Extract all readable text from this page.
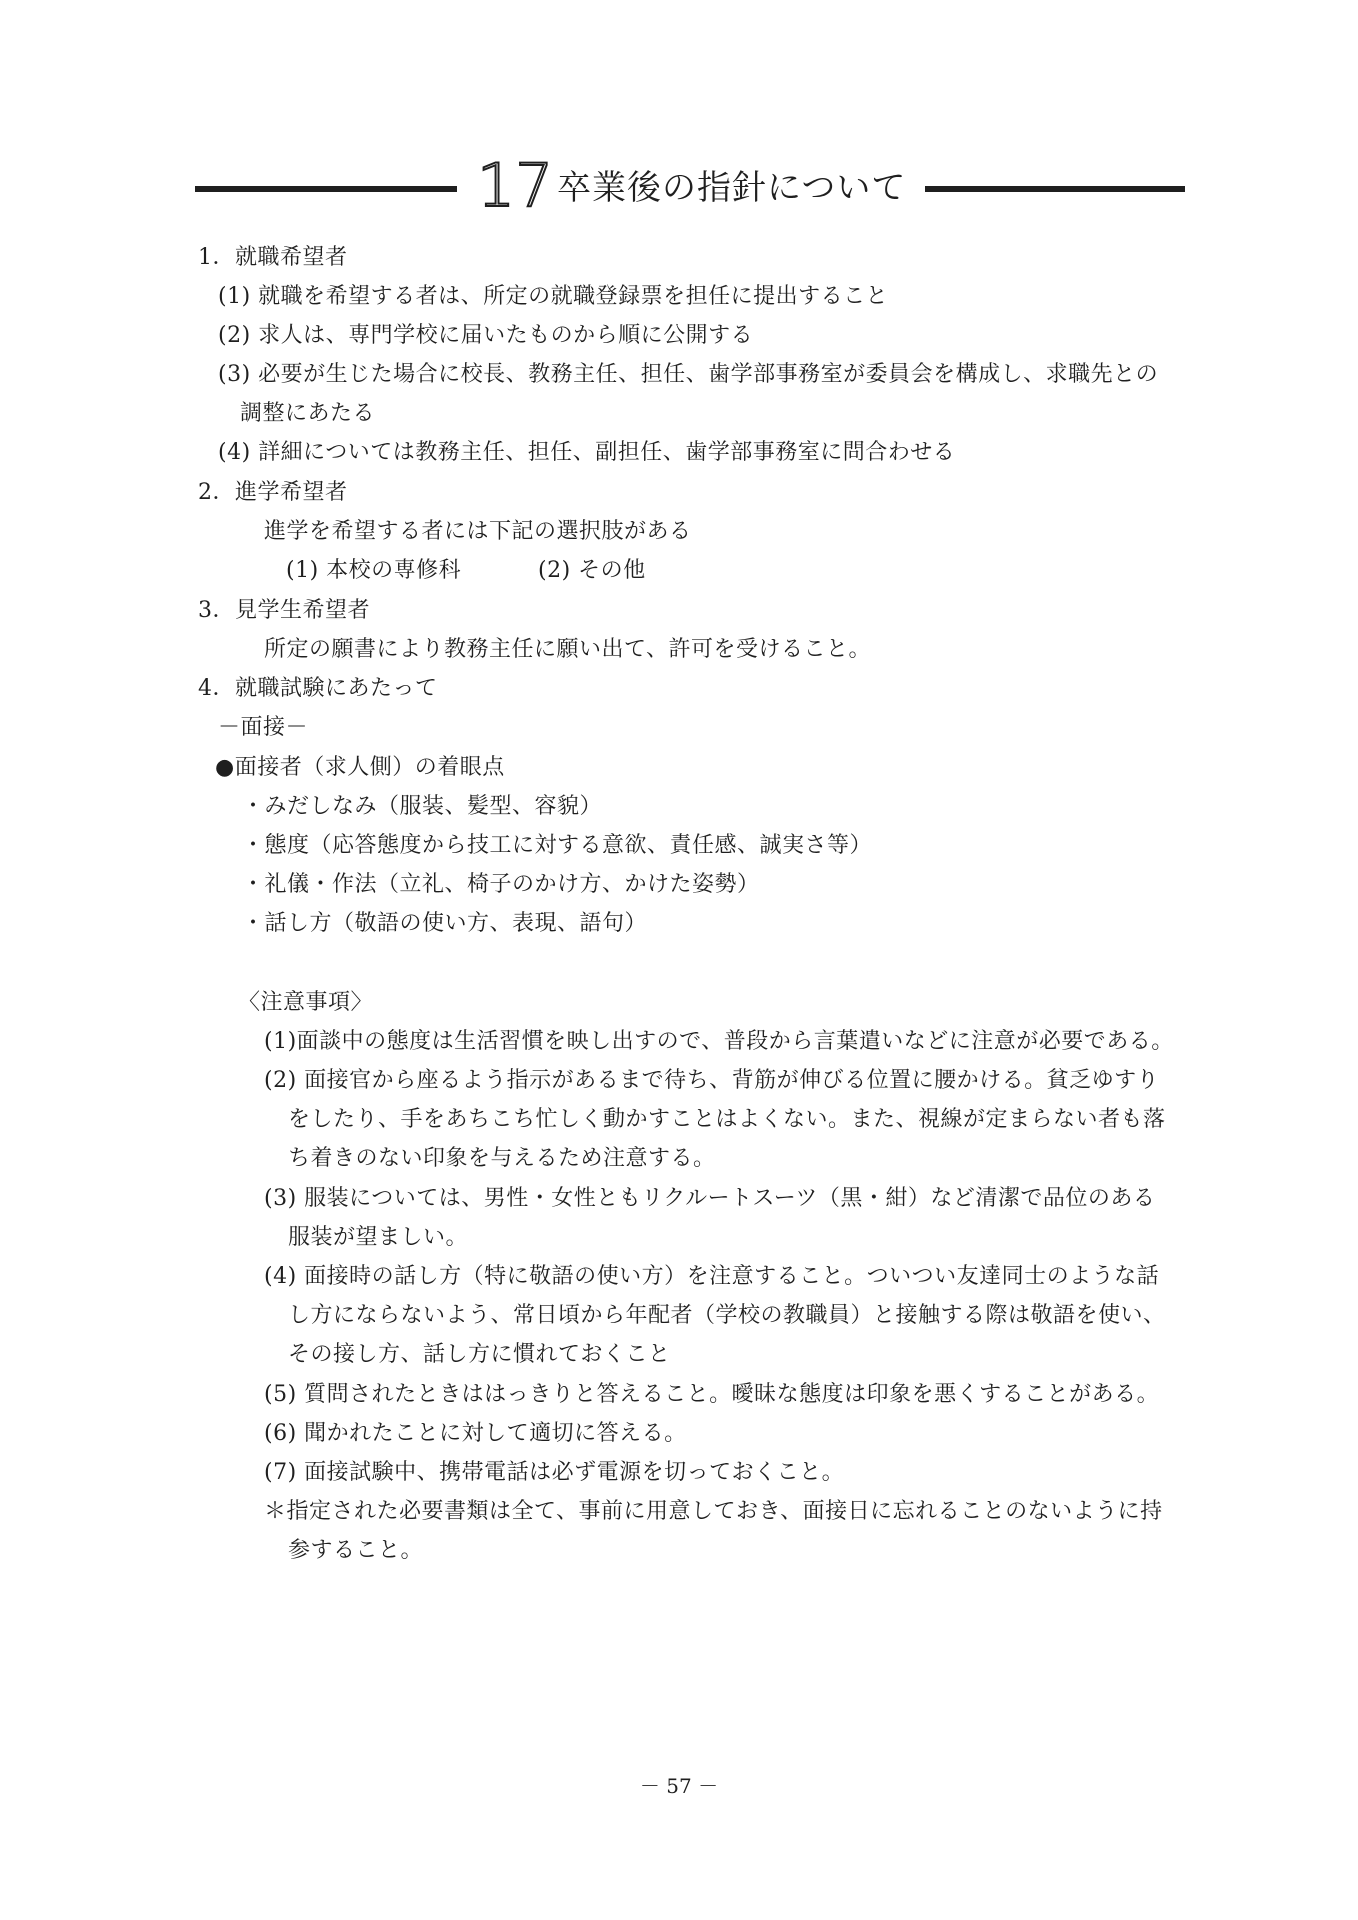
17 卒業後の指針について
1．就職希望者
(1) 就職を希望する者は、所定の就職登録票を担任に提出すること
(2) 求人は、専門学校に届いたものから順に公開する
(3) 必要が生じた場合に校長、教務主任、担任、歯学部事務室が委員会を構成し、求職先との
調整にあたる
(4) 詳細については教務主任、担任、副担任、歯学部事務室に問合わせる
2．進学希望者
進学を希望する者には下記の選択肢がある
(1) 本校の専修科	(2) その他
3．見学生希望者
所定の願書により教務主任に願い出て、許可を受けること。
4．就職試験にあたって
－面接－
●面接者（求人側）の着眼点
・みだしなみ（服装、髪型、容貌）
・態度（応答態度から技工に対する意欲、責任感、誠実さ等）
・礼儀・作法（立礼、椅子のかけ方、かけた姿勢）
・話し方（敬語の使い方、表現、語句）
〈注意事項〉
(1)面談中の態度は生活習慣を映し出すので、普段から言葉遣いなどに注意が必要である。
(2) 面接官から座るよう指示があるまで待ち、背筋が伸びる位置に腰かける。貧乏ゆすり
をしたり、手をあちこち忙しく動かすことはよくない。また、視線が定まらない者も落
ち着きのない印象を与えるため注意する。
(3) 服装については、男性・女性ともリクルートスーツ（黒・紺）など清潔で品位のある
服装が望ましい。
(4) 面接時の話し方（特に敬語の使い方）を注意すること。ついつい友達同士のような話
し方にならないよう、常日頃から年配者（学校の教職員）と接触する際は敬語を使い、
その接し方、話し方に慣れておくこと
(5) 質問されたときははっきりと答えること。曖昧な態度は印象を悪くすることがある。
(6) 聞かれたことに対して適切に答える。
(7) 面接試験中、携帯電話は必ず電源を切っておくこと。
＊指定された必要書類は全て、事前に用意しておき、面接日に忘れることのないように持
参すること。
－ 57 －
